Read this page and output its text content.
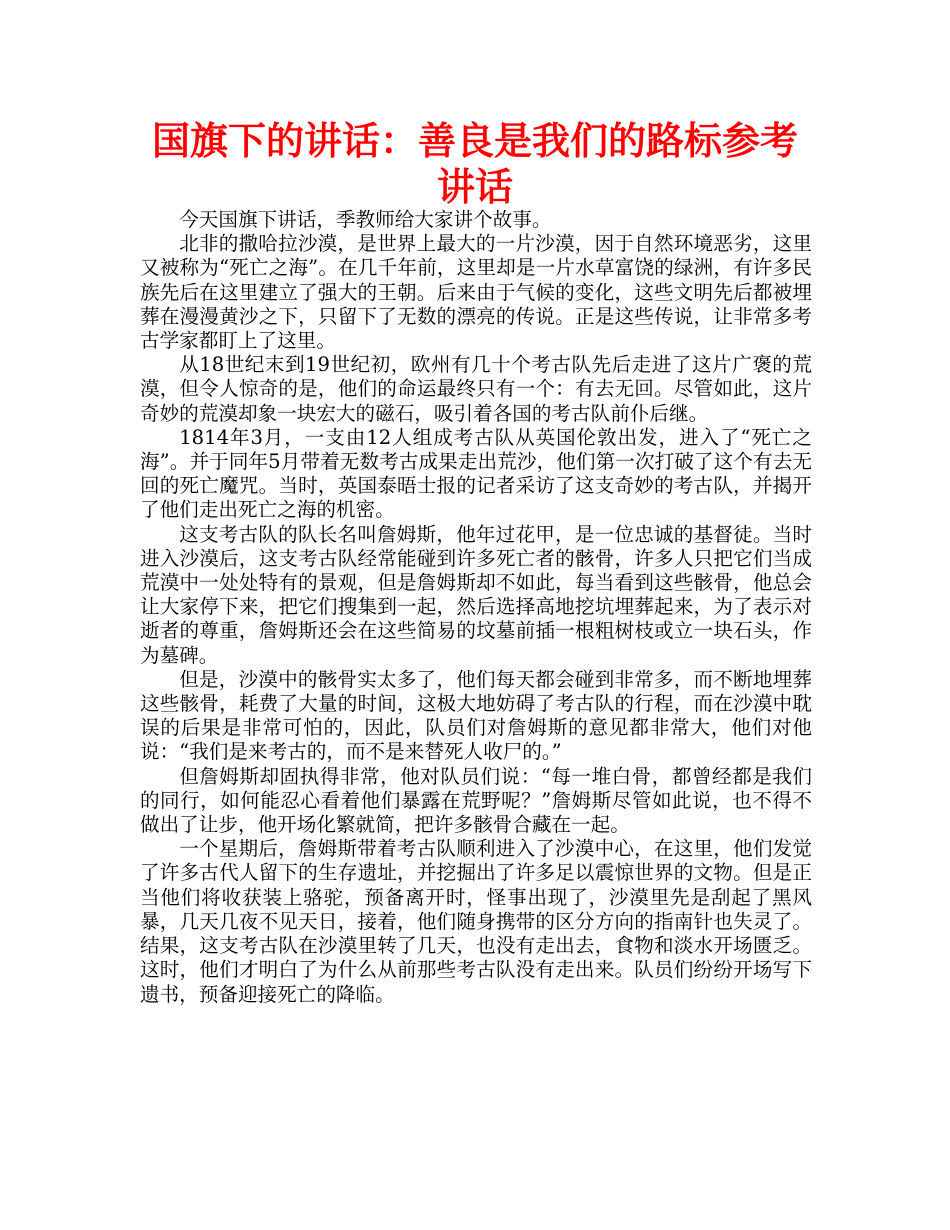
国旗下的讲话：善良是我们的路标参考讲话

今天国旗下讲话，季教师给大家讲个故事。

北非的撒哈拉沙漠，是世界上最大的一片沙漠，因于自然环境恶劣，这里又被称为“死亡之海”。在几千年前，这里却是一片水草富饶的绿洲，有许多民族先后在这里建立了强大的王朝。后来由于气候的变化，这些文明先后都被埋葬在漫漫黄沙之下，只留下了无数的漂亮的传说。正是这些传说，让非常多考古学家都盯上了这里。

从18世纪末到19世纪初，欧州有几十个考古队先后走进了这片广褒的荒漠，但令人惊奇的是，他们的命运最终只有一个：有去无回。尽管如此，这片奇妙的荒漠却象一块宏大的磁石，吸引着各国的考古队前仆后继。

1814年3月，一支由12人组成考古队从英国伦敦出发，进入了“死亡之海”。并于同年5月带着无数考古成果走出荒沙，他们第一次打破了这个有去无回的死亡魔咒。当时，英国泰晤士报的记者采访了这支奇妙的考古队，并揭开了他们走出死亡之海的机密。

这支考古队的队长名叫詹姆斯，他年过花甲，是一位忠诚的基督徒。当时进入沙漠后，这支考古队经常能碰到许多死亡者的骸骨，许多人只把它们当成荒漠中一处处特有的景观，但是詹姆斯却不如此，每当看到这些骸骨，他总会让大家停下来，把它们搜集到一起，然后选择高地挖坑埋葬起来，为了表示对逝者的尊重，詹姆斯还会在这些简易的坟墓前插一根粗树枝或立一块石头，作为墓碑。

但是，沙漠中的骸骨实太多了，他们每天都会碰到非常多，而不断地埋葬这些骸骨，耗费了大量的时间，这极大地妨碍了考古队的行程，而在沙漠中耽误的后果是非常可怕的，因此，队员们对詹姆斯的意见都非常大，他们对他说：“我们是来考古的，而不是来替死人收尸的。”

但詹姆斯却固执得非常，他对队员们说：“每一堆白骨，都曾经都是我们的同行，如何能忍心看着他们暴露在荒野呢？”詹姆斯尽管如此说，也不得不做出了让步，他开场化繁就简，把许多骸骨合藏在一起。

一个星期后，詹姆斯带着考古队顺利进入了沙漠中心，在这里，他们发觉了许多古代人留下的生存遗址，并挖掘出了许多足以震惊世界的文物。但是正当他们将收获装上骆驼，预备离开时，怪事出现了，沙漠里先是刮起了黑风暴，几天几夜不见天日，接着，他们随身携带的区分方向的指南针也失灵了。结果，这支考古队在沙漠里转了几天，也没有走出去，食物和淡水开场匮乏。这时，他们才明白了为什么从前那些考古队没有走出来。队员们纷纷开场写下遗书，预备迎接死亡的降临。
